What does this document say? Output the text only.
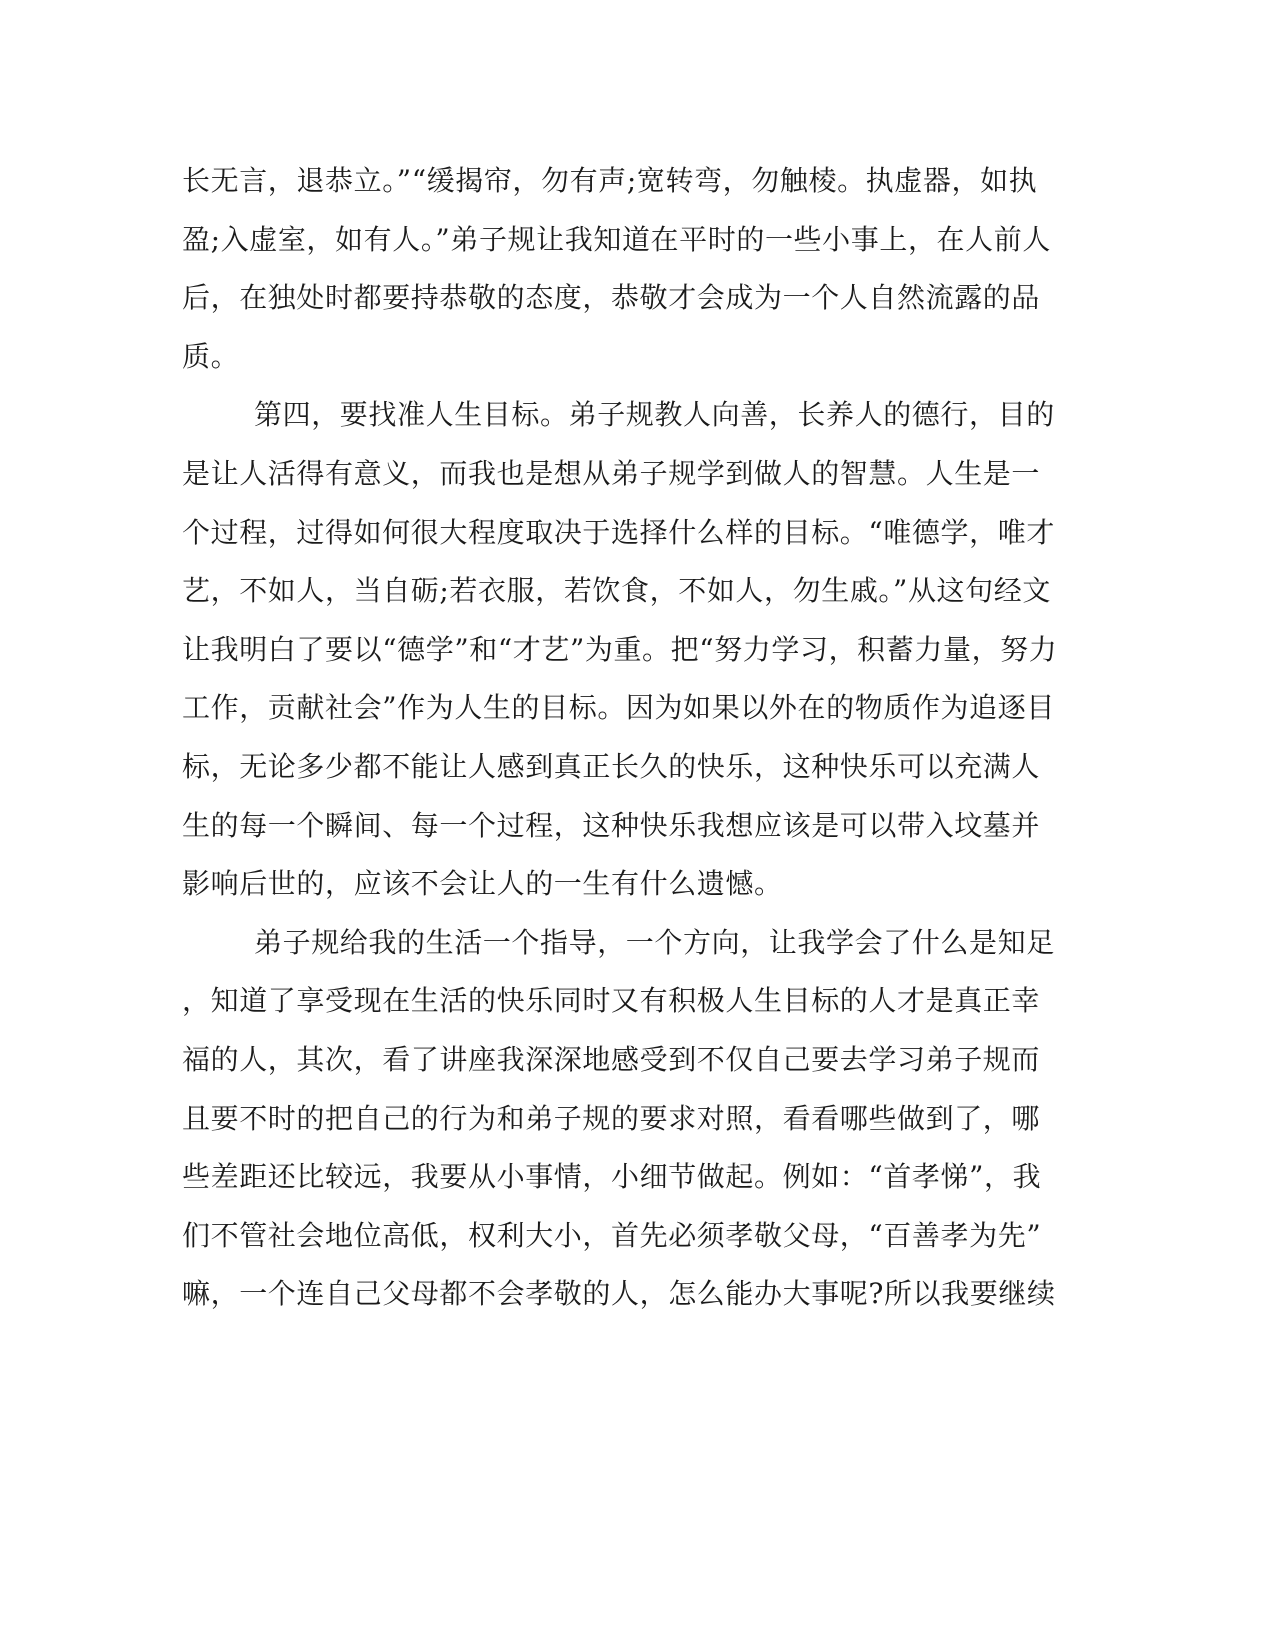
长无言，退恭立。”“缓揭帘，勿有声;宽转弯，勿触棱。执虚器，如执
盈;入虚室，如有人。”弟子规让我知道在平时的一些小事上，在人前人
后，在独处时都要持恭敬的态度，恭敬才会成为一个人自然流露的品
质。
第四，要找准人生目标。弟子规教人向善，长养人的德行，目的
是让人活得有意义，而我也是想从弟子规学到做人的智慧。人生是一
个过程，过得如何很大程度取决于选择什么样的目标。“唯德学，唯才
艺，不如人，当自砺;若衣服，若饮食，不如人，勿生戚。”从这句经文
让我明白了要以“德学”和“才艺”为重。把“努力学习，积蓄力量，努力
工作，贡献社会”作为人生的目标。因为如果以外在的物质作为追逐目
标，无论多少都不能让人感到真正长久的快乐，这种快乐可以充满人
生的每一个瞬间、每一个过程，这种快乐我想应该是可以带入坟墓并
影响后世的，应该不会让人的一生有什么遗憾。
弟子规给我的生活一个指导，一个方向，让我学会了什么是知足
，知道了享受现在生活的快乐同时又有积极人生目标的人才是真正幸
福的人，其次，看了讲座我深深地感受到不仅自己要去学习弟子规而
且要不时的把自己的行为和弟子规的要求对照，看看哪些做到了，哪
些差距还比较远，我要从小事情，小细节做起。例如：“首孝悌”，我
们不管社会地位高低，权利大小，首先必须孝敬父母，“百善孝为先”
嘛，一个连自己父母都不会孝敬的人，怎么能办大事呢?所以我要继续
